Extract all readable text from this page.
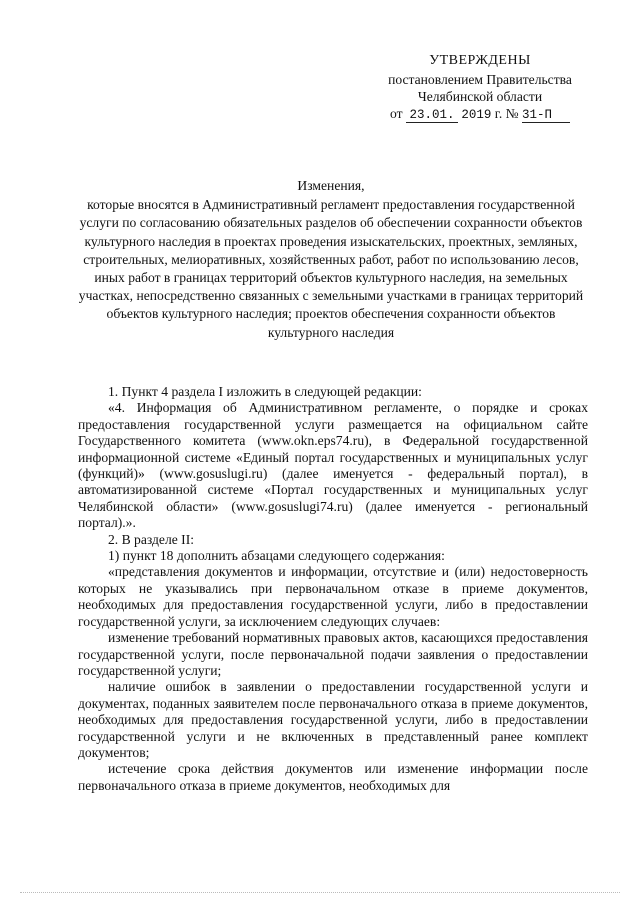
УТВЕРЖДЕНЫ
постановлением Правительства
Челябинской области
от 23.01. 2019 г. № 31-П
Изменения,
которые вносятся в Административный регламент предоставления государственной услуги по согласованию обязательных разделов об обеспечении сохранности объектов культурного наследия в проектах проведения изыскательских, проектных, земляных, строительных, мелиоративных, хозяйственных работ, работ по использованию лесов, иных работ в границах территорий объектов культурного наследия, на земельных участках, непосредственно связанных с земельными участками в границах территорий объектов культурного наследия; проектов обеспечения сохранности объектов культурного наследия

1. Пункт 4 раздела I изложить в следующей редакции:

«4. Информация об Административном регламенте, о порядке и сроках предоставления государственной услуги размещается на официальном сайте Государственного комитета (www.okn.eps74.ru), в Федеральной государственной информационной системе «Единый портал государственных и муниципальных услуг (функций)» (www.gosuslugi.ru) (далее именуется - федеральный портал), в автоматизированной системе «Портал государственных и муниципальных услуг Челябинской области» (www.gosuslugi74.ru) (далее именуется - региональный портал).».

2. В разделе II:

1) пункт 18 дополнить абзацами следующего содержания:

«представления документов и информации, отсутствие и (или) недостоверность которых не указывались при первоначальном отказе в приеме документов, необходимых для предоставления государственной услуги, либо в предоставлении государственной услуги, за исключением следующих случаев:

изменение требований нормативных правовых актов, касающихся предоставления государственной услуги, после первоначальной подачи заявления о предоставлении государственной услуги;

наличие ошибок в заявлении о предоставлении государственной услуги и документах, поданных заявителем после первоначального отказа в приеме документов, необходимых для предоставления государственной услуги, либо в предоставлении государственной услуги и не включенных в представленный ранее комплект документов;

истечение срока действия документов или изменение информации после первоначального отказа в приеме документов, необходимых для
